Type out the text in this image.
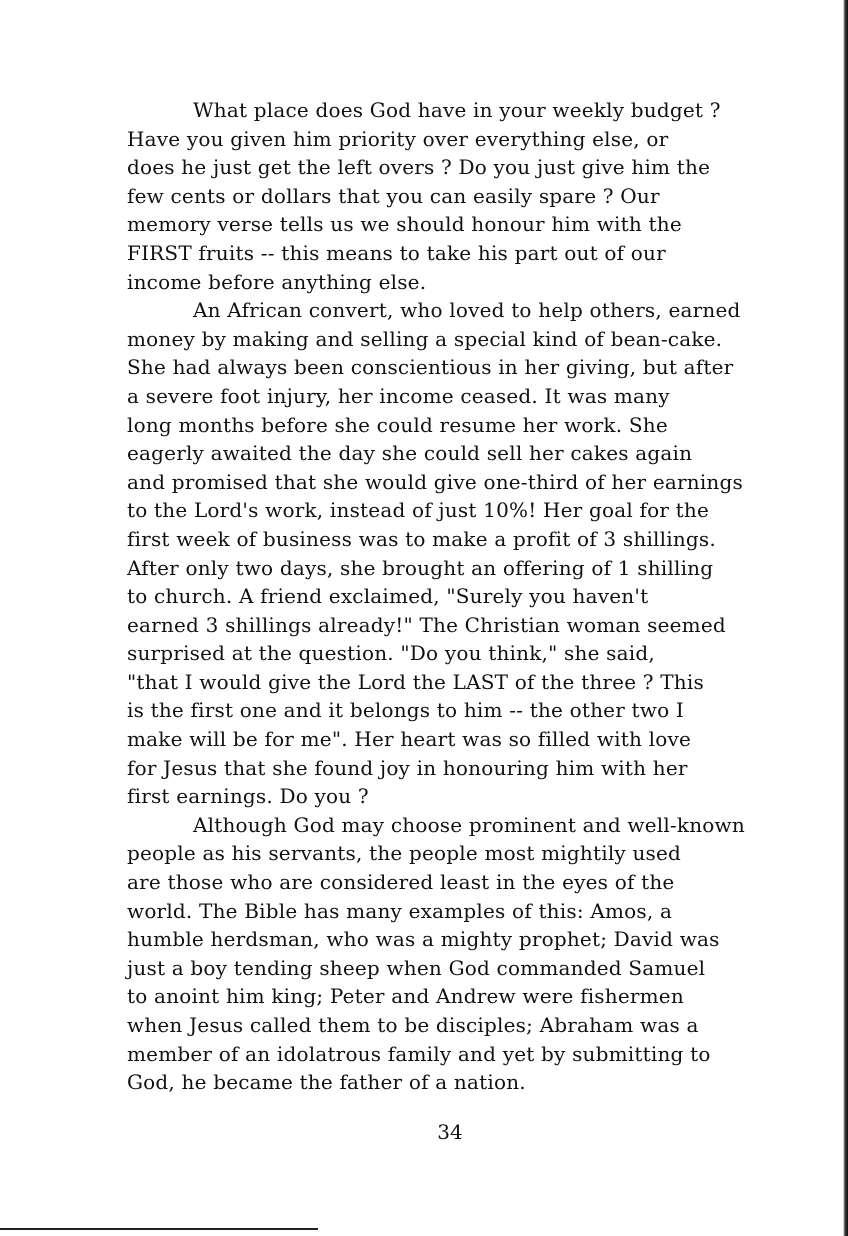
What place does God have in your weekly budget ?
Have you given him priority over everything else, or
does he just get the left overs ? Do you just give him the
few cents or dollars that you can easily spare ? Our
memory verse tells us we should honour him with the
FIRST fruits -- this means to take his part out of our
income before anything else.
An African convert, who loved to help others, earned
money by making and selling a special kind of bean-cake.
She had always been conscientious in her giving, but after
a severe foot injury, her income ceased. It was many
long months before she could resume her work. She
eagerly awaited the day she could sell her cakes again
and promised that she would give one-third of her earnings
to the Lord's work, instead of just 10%! Her goal for the
first week of business was to make a profit of 3 shillings.
After only two days, she brought an offering of 1 shilling
to church. A friend exclaimed, "Surely you haven't
earned 3 shillings already!" The Christian woman seemed
surprised at the question. "Do you think," she said,
"that I would give the Lord the LAST of the three ? This
is the first one and it belongs to him -- the other two I
make will be for me". Her heart was so filled with love
for Jesus that she found joy in honouring him with her
first earnings. Do you ?
Although God may choose prominent and well-known
people as his servants, the people most mightily used
are those who are considered least in the eyes of the
world. The Bible has many examples of this: Amos, a
humble herdsman, who was a mighty prophet; David was
just a boy tending sheep when God commanded Samuel
to anoint him king; Peter and Andrew were fishermen
when Jesus called them to be disciples; Abraham was a
member of an idolatrous family and yet by submitting to
God, he became the father of a nation.
34
